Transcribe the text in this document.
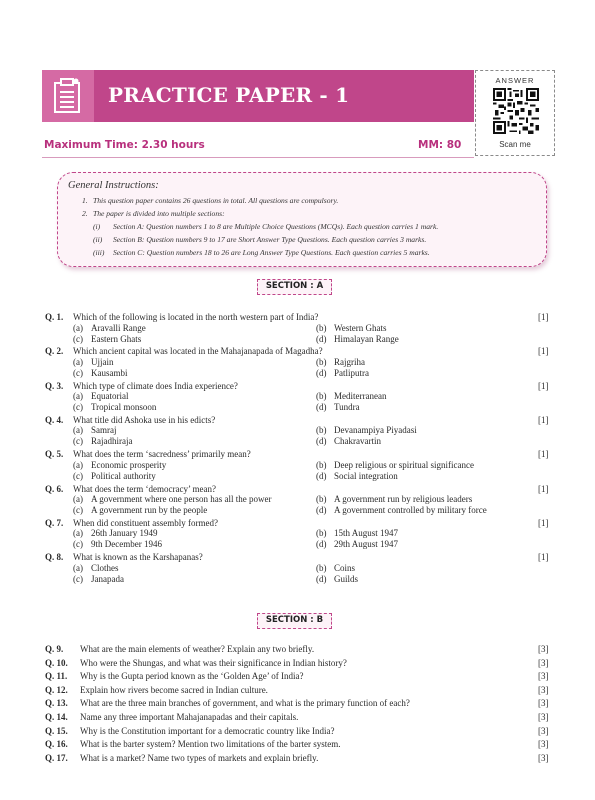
PRACTICE PAPER - 1
ANSWER
Scan me
Maximum Time: 2.30 hours	MM: 80
General Instructions:
1. This question paper contains 26 questions in total. All questions are compulsory.
2. The paper is divided into multiple sections:
(i) Section A: Question numbers 1 to 8 are Multiple Choice Questions (MCQs). Each question carries 1 mark.
(ii) Section B: Question numbers 9 to 17 are Short Answer Type Questions. Each question carries 3 marks.
(iii) Section C: Question numbers 18 to 26 are Long Answer Type Questions. Each question carries 5 marks.
SECTION : A
Q. 1. Which of the following is located in the north western part of India?	[1]
(a) Aravalli Range	(b) Western Ghats
(c) Eastern Ghats	(d) Himalayan Range
Q. 2. Which ancient capital was located in the Mahajanapada of Magadha?	[1]
(a) Ujjain	(b) Rajgriha
(c) Kausambi	(d) Patliputra
Q. 3. Which type of climate does India experience?	[1]
(a) Equatorial	(b) Mediterranean
(c) Tropical monsoon	(d) Tundra
Q. 4. What title did Ashoka use in his edicts?	[1]
(a) Samraj	(b) Devanampiya Piyadasi
(c) Rajadhiraja	(d) Chakravartin
Q. 5. What does the term ‘sacredness’ primarily mean?	[1]
(a) Economic prosperity	(b) Deep religious or spiritual significance
(c) Political authority	(d) Social integration
Q. 6. What does the term ‘democracy’ mean?	[1]
(a) A government where one person has all the power	(b) A government run by religious leaders
(c) A government run by the people	(d) A government controlled by military force
Q. 7. When did constituent assembly formed?	[1]
(a) 26th January 1949	(b) 15th August 1947
(c) 9th December 1946	(d) 29th August 1947
Q. 8. What is known as the Karshapanas?	[1]
(a) Clothes	(b) Coins
(c) Janapada	(d) Guilds
SECTION : B
Q. 9. What are the main elements of weather? Explain any two briefly.	[3]
Q. 10. Who were the Shungas, and what was their significance in Indian history?	[3]
Q. 11. Why is the Gupta period known as the ‘Golden Age’ of India?	[3]
Q. 12. Explain how rivers become sacred in Indian culture.	[3]
Q. 13. What are the three main branches of government, and what is the primary function of each?	[3]
Q. 14. Name any three important Mahajanapadas and their capitals.	[3]
Q. 15. Why is the Constitution important for a democratic country like India?	[3]
Q. 16. What is the barter system? Mention two limitations of the barter system.	[3]
Q. 17. What is a market? Name two types of markets and explain briefly.	[3]
